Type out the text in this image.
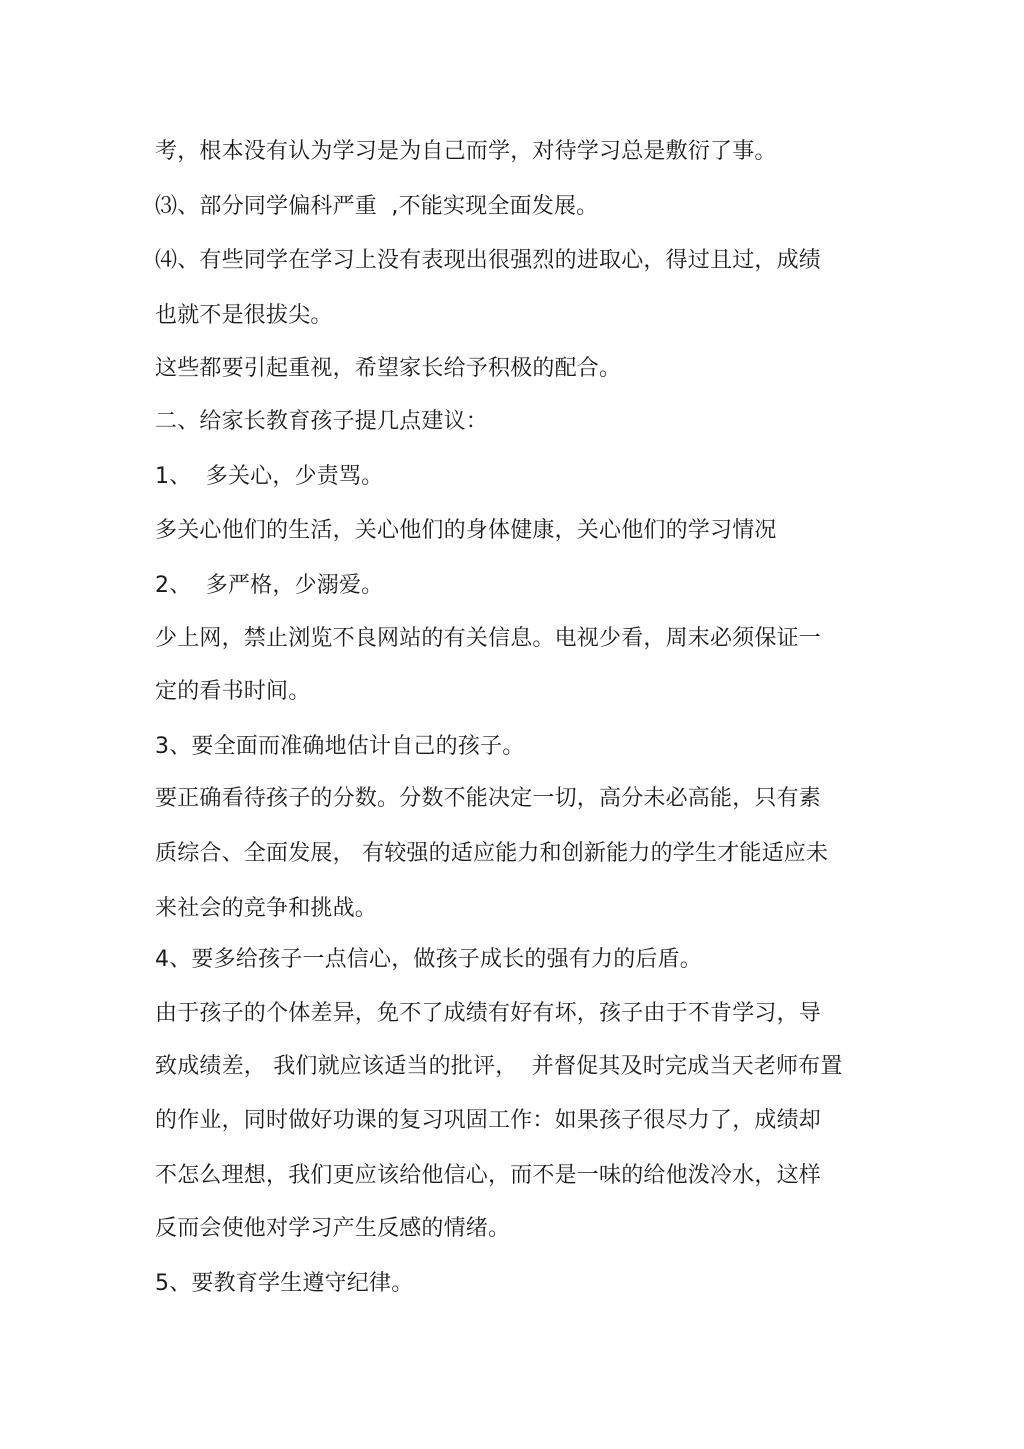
考，根本没有认为学习是为自己而学，对待学习总是敷衍了事。
⑶、部分同学偏科严重  ,不能实现全面发展。
⑷、有些同学在学习上没有表现出很强烈的进取心，得过且过，成绩
也就不是很拔尖。
这些都要引起重视，希望家长给予积极的配合。
二、给家长教育孩子提几点建议：
1、  多关心，少责骂。
多关心他们的生活，关心他们的身体健康，关心他们的学习情况
2、  多严格，少溺爱。
少上网，禁止浏览不良网站的有关信息。电视少看，周末必须保证一
定的看书时间。
3、要全面而准确地估计自己的孩子。
要正确看待孩子的分数。分数不能决定一切，高分未必高能，只有素
质综合、全面发展， 有较强的适应能力和创新能力的学生才能适应未
来社会的竞争和挑战。
4、要多给孩子一点信心，做孩子成长的强有力的后盾。
由于孩子的个体差异，免不了成绩有好有坏，孩子由于不肯学习，导
致成绩差， 我们就应该适当的批评，  并督促其及时完成当天老师布置
的作业，同时做好功课的复习巩固工作：如果孩子很尽力了，成绩却
不怎么理想，我们更应该给他信心，而不是一味的给他泼冷水，这样
反而会使他对学习产生反感的情绪。
5、要教育学生遵守纪律。
